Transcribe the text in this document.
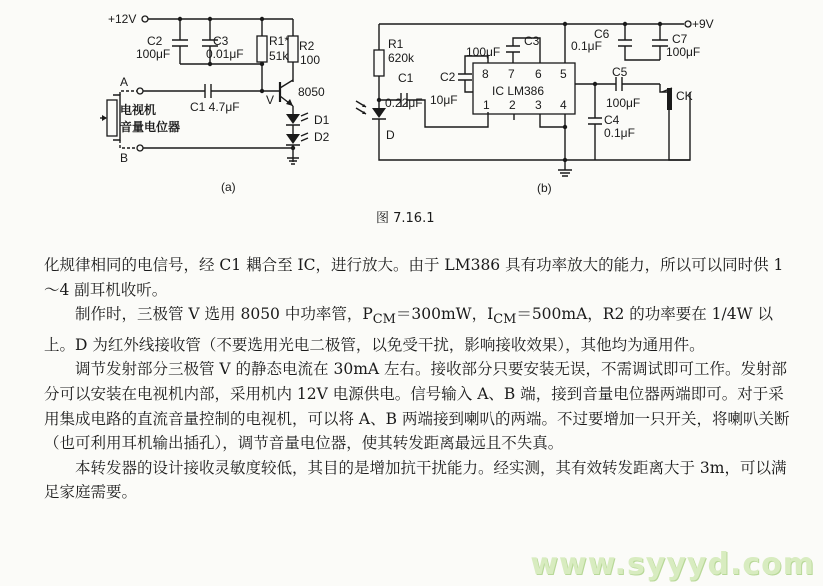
+12V
C2
100μF
C3
0.01μF
R1*
51k
R2
100
A
B
电视机
音量电位器
C1 4.7μF V
8050
D1
D2
(a)
+9V
R1
620k
C1
0.22μF
D
C2
10μF
C3
100μF
8 7 6 5
IC LM386
1 2 3 4
C6
0.1μF	C7
100μF
C5
100μF
C4
0.1μF
CK
(b)
图 7.16.1

化规律相同的电信号，经 C1 耦合至 IC，进行放大。由于 LM386 具有功率放大的能力，所以可以同时供 1～4 副耳机收听。

制作时，三极管 V 选用 8050 中功率管，$P_{CM}=300mW$，$I_{CM}=500mA$，R2 的功率要在 1/4W 以上。D 为红外线接收管（不要选用光电二极管，以免受干扰，影响接收效果），其他均为通用件。

调节发射部分三极管 V 的静态电流在 30mA 左右。接收部分只要安装无误，不需调试即可工作。发射部分可以安装在电视机内部，采用机内 12V 电源供电。信号输入 A、B 端，接到音量电位器两端即可。对于采用集成电路的直流音量控制的电视机，可以将 A、B 两端接到喇叭的两端。不过要增加一只开关，将喇叭关断（也可利用耳机输出插孔），调节音量电位器，使其转发距离最远且不失真。

本转发器的设计接收灵敏度较低，其目的是增加抗干扰能力。经实测，其有效转发距离大于 3m，可以满足家庭需要。

www.syyyd.com
